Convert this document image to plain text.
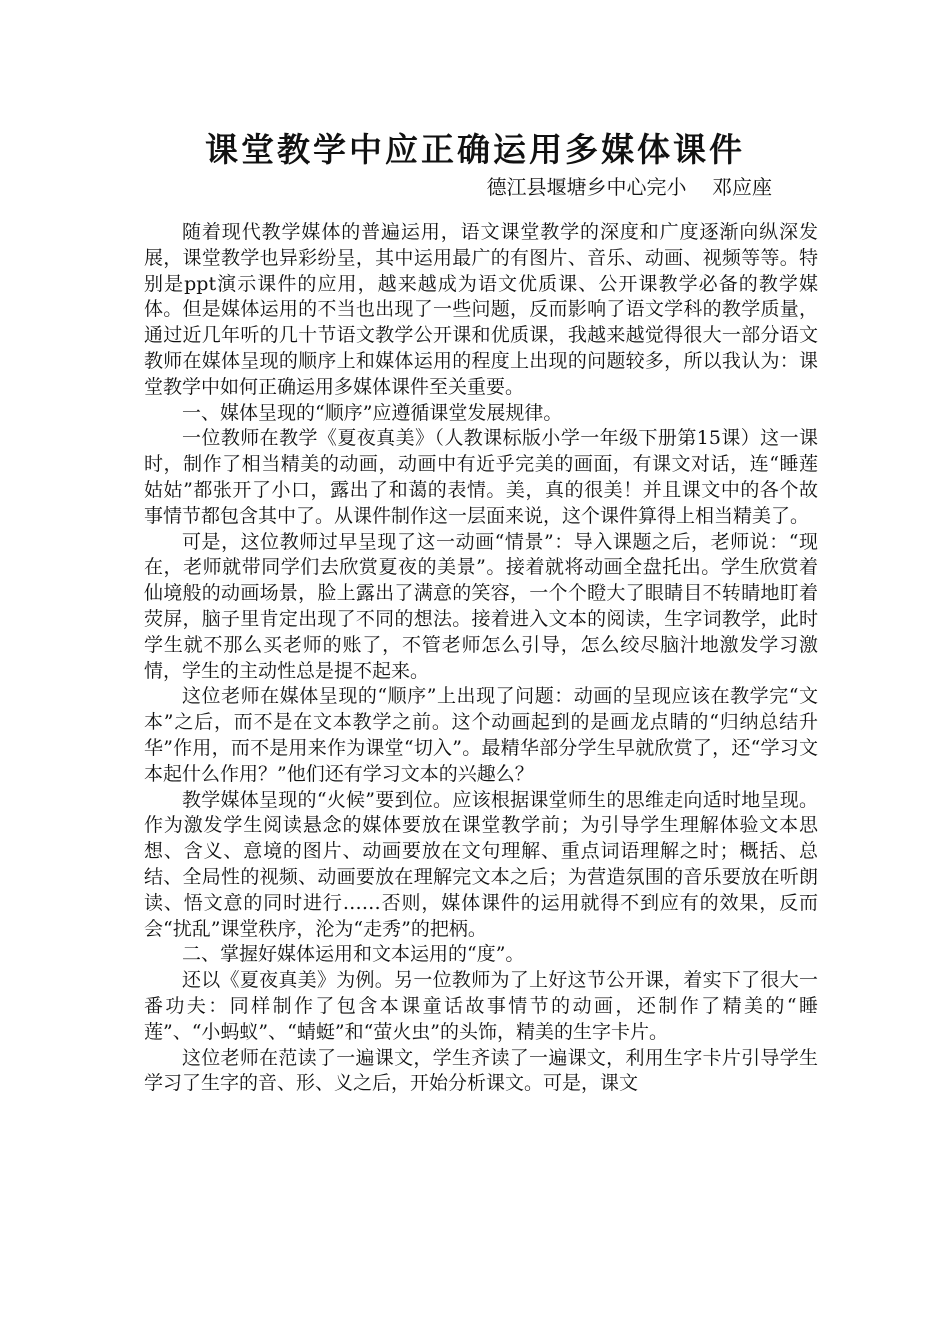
课堂教学中应正确运用多媒体课件
德江县堰塘乡中心完小    邓应座

随着现代教学媒体的普遍运用，语文课堂教学的深度和广度逐渐向纵深发展，课堂教学也异彩纷呈，其中运用最广的有图片、音乐、动画、视频等等。特别是ppt演示课件的应用，越来越成为语文优质课、公开课教学必备的教学媒体。但是媒体运用的不当也出现了一些问题，反而影响了语文学科的教学质量，通过近几年听的几十节语文教学公开课和优质课，我越来越觉得很大一部分语文教师在媒体呈现的顺序上和媒体运用的程度上出现的问题较多，所以我认为：课堂教学中如何正确运用多媒体课件至关重要。

一、媒体呈现的“顺序”应遵循课堂发展规律。

一位教师在教学《夏夜真美》（人教课标版小学一年级下册第15课）这一课时，制作了相当精美的动画，动画中有近乎完美的画面，有课文对话，连“睡莲姑姑”都张开了小口，露出了和蔼的表情。美，真的很美！并且课文中的各个故事情节都包含其中了。从课件制作这一层面来说，这个课件算得上相当精美了。

可是，这位教师过早呈现了这一动画“情景”：导入课题之后，老师说：“现在，老师就带同学们去欣赏夏夜的美景”。接着就将动画全盘托出。学生欣赏着仙境般的动画场景，脸上露出了满意的笑容，一个个瞪大了眼睛目不转睛地盯着荧屏，脑子里肯定出现了不同的想法。接着进入文本的阅读，生字词教学，此时学生就不那么买老师的账了，不管老师怎么引导，怎么绞尽脑汁地激发学习激情，学生的主动性总是提不起来。

这位老师在媒体呈现的“顺序”上出现了问题：动画的呈现应该在教学完“文本”之后，而不是在文本教学之前。这个动画起到的是画龙点睛的“归纳总结升华”作用，而不是用来作为课堂“切入”。最精华部分学生早就欣赏了，还“学习文本起什么作用？”他们还有学习文本的兴趣么？

教学媒体呈现的“火候”要到位。应该根据课堂师生的思维走向适时地呈现。作为激发学生阅读悬念的媒体要放在课堂教学前；为引导学生理解体验文本思想、含义、意境的图片、动画要放在文句理解、重点词语理解之时；概括、总结、全局性的视频、动画要放在理解完文本之后；为营造氛围的音乐要放在听朗读、悟文意的同时进行……否则，媒体课件的运用就得不到应有的效果，反而会“扰乱”课堂秩序，沦为“走秀”的把柄。

二、掌握好媒体运用和文本运用的“度”。

还以《夏夜真美》为例。另一位教师为了上好这节公开课，着实下了很大一番功夫：同样制作了包含本课童话故事情节的动画，还制作了精美的“睡莲”、“小蚂蚁”、“蜻蜓”和“萤火虫”的头饰，精美的生字卡片。

这位老师在范读了一遍课文，学生齐读了一遍课文，利用生字卡片引导学生学习了生字的音、形、义之后，开始分析课文。可是，课文
